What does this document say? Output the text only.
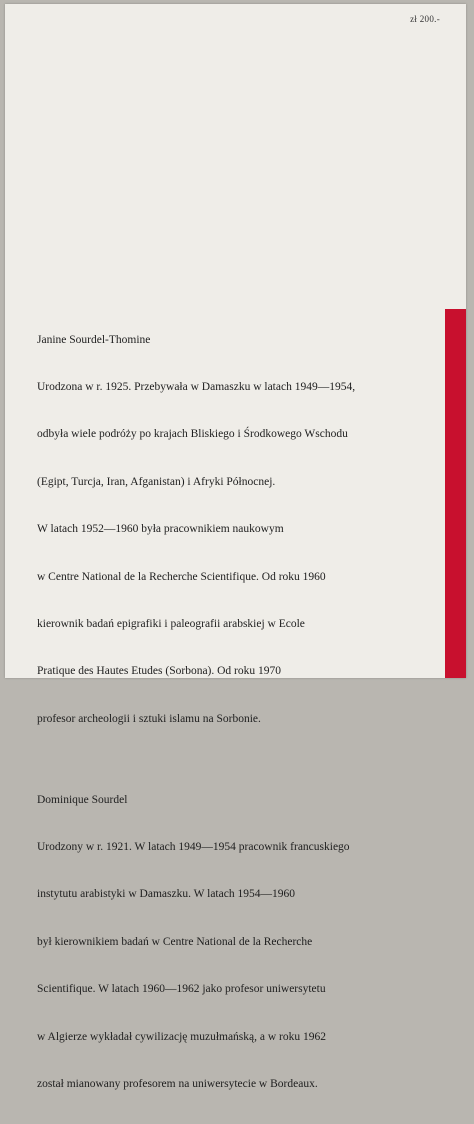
zł 200.-

Janine Sourdel-Thomine

Urodzona w r. 1925. Przebywała w Damaszku w latach 1949—1954,

odbyła wiele podróży po krajach Bliskiego i Środkowego Wschodu

(Egipt, Turcja, Iran, Afganistan) i Afryki Północnej.

W latach 1952—1960 była pracownikiem naukowym

w Centre National de la Recherche Scientifique. Od roku 1960

kierownik badań epigrafiki i paleografii arabskiej w Ecole

Pratique des Hautes Etudes (Sorbona). Od roku 1970

profesor archeologii i sztuki islamu na Sorbonie.

Dominique Sourdel

Urodzony w r. 1921. W latach 1949—1954 pracownik francuskiego

instytutu arabistyki w Damaszku. W latach 1954—1960

był kierownikiem badań w Centre National de la Recherche

Scientifique. W latach 1960—1962 jako profesor uniwersytetu

w Algierze wykładał cywilizację muzułmańską, a w roku 1962

został mianowany profesorem na uniwersytecie w Bordeaux.
